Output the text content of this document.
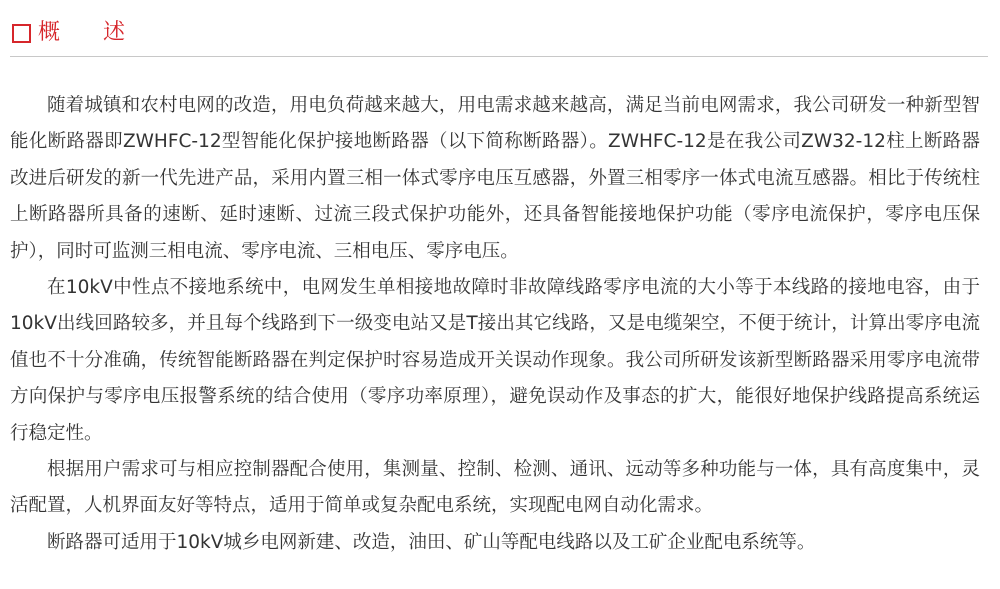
概 述

随着城镇和农村电网的改造，用电负荷越来越大，用电需求越来越高，满足当前电网需求，我公司研发一种新型智能化断路器即ZWHFC-12型智能化保护接地断路器（以下简称断路器）。ZWHFC-12是在我公司ZW32-12柱上断路器改进后研发的新一代先进产品，采用内置三相一体式零序电压互感器，外置三相零序一体式电流互感器。相比于传统柱上断路器所具备的速断、延时速断、过流三段式保护功能外，还具备智能接地保护功能（零序电流保护，零序电压保护），同时可监测三相电流、零序电流、三相电压、零序电压。

在10kV中性点不接地系统中，电网发生单相接地故障时非故障线路零序电流的大小等于本线路的接地电容，由于10kV出线回路较多，并且每个线路到下一级变电站又是T接出其它线路，又是电缆架空，不便于统计，计算出零序电流值也不十分准确，传统智能断路器在判定保护时容易造成开关误动作现象。我公司所研发该新型断路器采用零序电流带方向保护与零序电压报警系统的结合使用（零序功率原理），避免误动作及事态的扩大，能很好地保护线路提高系统运行稳定性。

根据用户需求可与相应控制器配合使用，集测量、控制、检测、通讯、远动等多种功能与一体，具有高度集中，灵活配置，人机界面友好等特点，适用于简单或复杂配电系统，实现配电网自动化需求。

断路器可适用于10kV城乡电网新建、改造，油田、矿山等配电线路以及工矿企业配电系统等。
